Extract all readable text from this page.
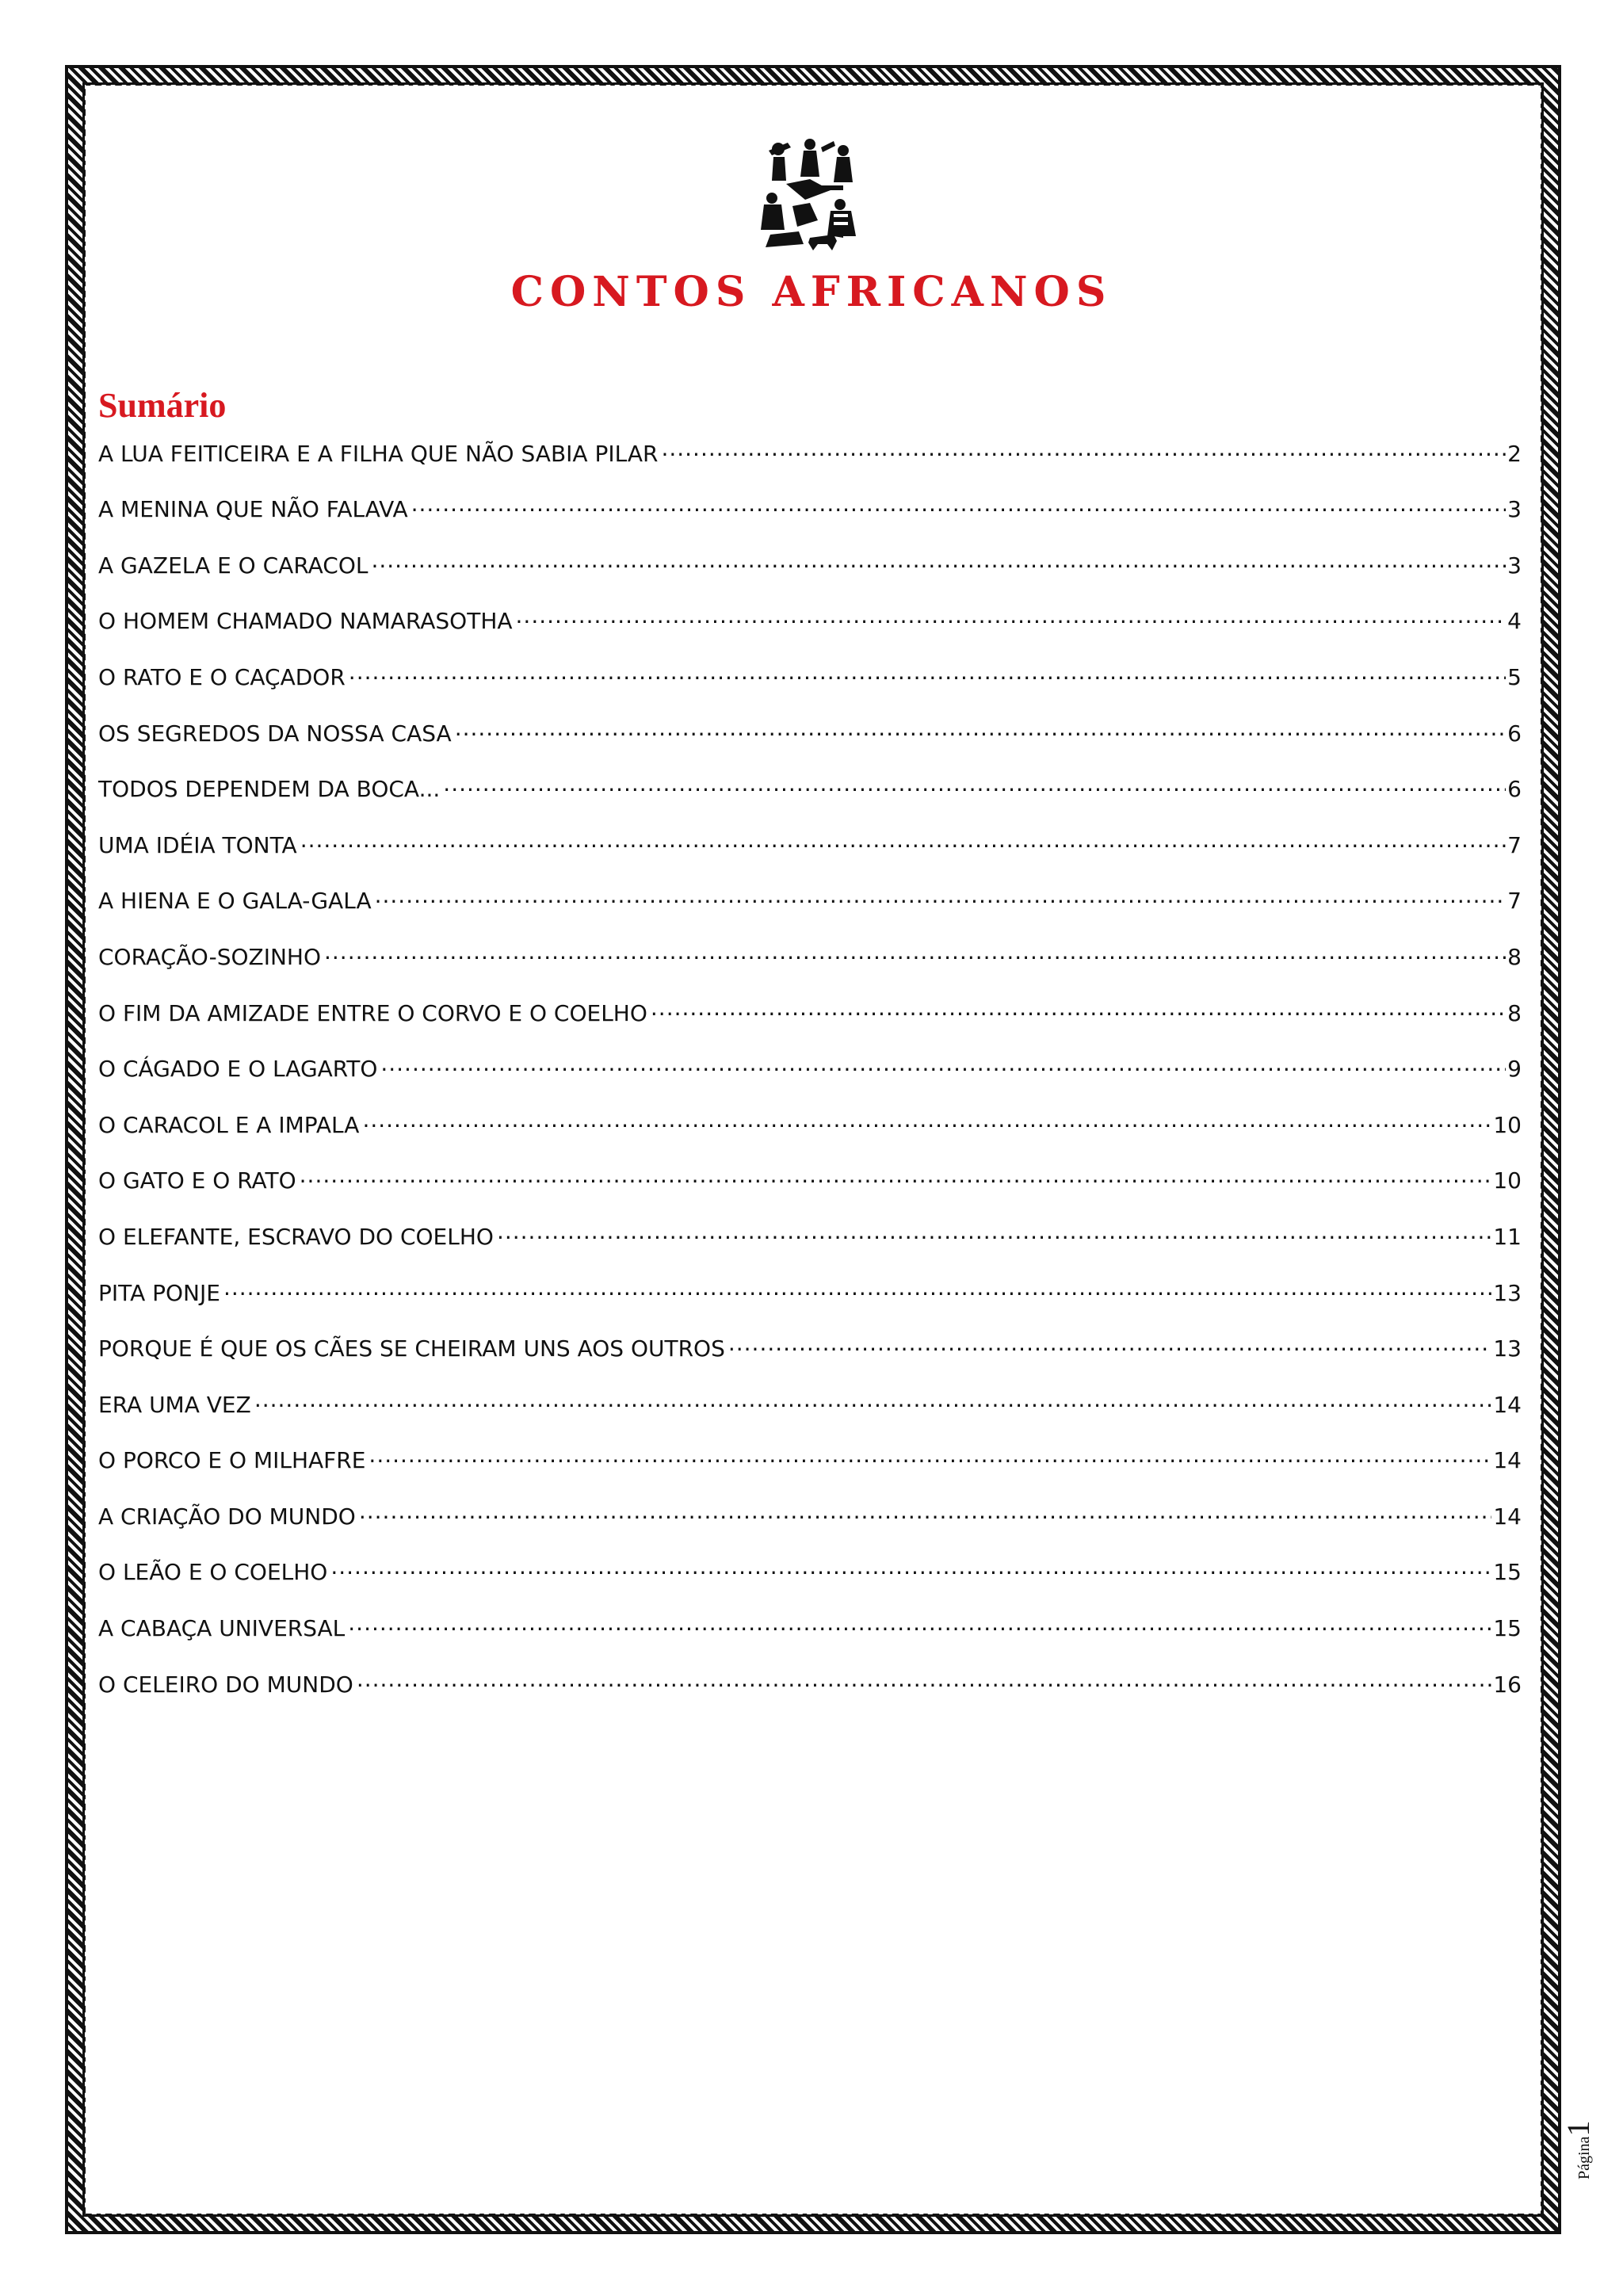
CONTOS AFRICANOS
Sumário
A LUA FEITICEIRA E A FILHA QUE NÃO SABIA PILAR .....	2
A MENINA QUE NÃO FALAVA .....	3
A GAZELA E O CARACOL .....	3
O HOMEM CHAMADO NAMARASOTHA .....	4
O RATO E O CAÇADOR .....	5
OS SEGREDOS DA NOSSA CASA .....	6
TODOS DEPENDEM DA BOCA... .....	6
UMA IDÉIA TONTA .....	7
A HIENA E O GALA-GALA .....	7
CORAÇÃO-SOZINHO .....	8
O FIM DA AMIZADE ENTRE O CORVO E O COELHO .....	8
O CÁGADO E O LAGARTO .....	9
O CARACOL E A IMPALA .....	10
O GATO E O RATO .....	10
O ELEFANTE, ESCRAVO DO COELHO .....	11
PITA PONJE .....	13
PORQUE É QUE OS CÃES SE CHEIRAM UNS AOS OUTROS .....	13
ERA UMA VEZ .....	14
O PORCO E O MILHAFRE .....	14
A CRIAÇÃO DO MUNDO .....	14
O LEÃO E O COELHO .....	15
A CABAÇA UNIVERSAL .....	15
O CELEIRO DO MUNDO .....	16
Página1
